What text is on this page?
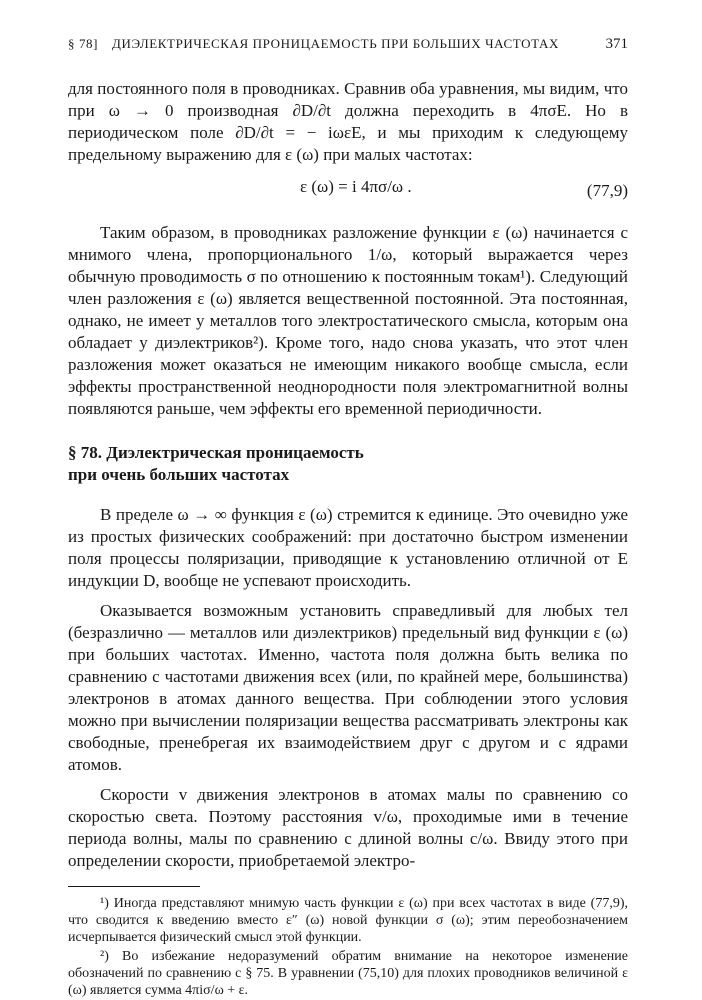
§ 78] ДИЭЛЕКТРИЧЕСКАЯ ПРОНИЦАЕМОСТЬ ПРИ БОЛЬШИХ ЧАСТОТАХ	371

для постоянного поля в проводниках. Сравнив оба уравнения, мы видим, что при ω → 0 производная ∂D/∂t должна переходить в 4πσE. Но в периодическом поле ∂D/∂t = − iωεE, и мы приходим к следующему предельному выражению для ε (ω) при малых частотах:

ε (ω) = i 4πσ/ω .	(77,9)

Таким образом, в проводниках разложение функции ε (ω) начинается с мнимого члена, пропорционального 1/ω, который выражается через обычную проводимость σ по отношению к постоянным токам¹). Следующий член разложения ε (ω) является вещественной постоянной. Эта постоянная, однако, не имеет у металлов того электростатического смысла, которым она обладает у диэлектриков²). Кроме того, надо снова указать, что этот член разложения может оказаться не имеющим никакого вообще смысла, если эффекты пространственной неоднородности поля электромагнитной волны появляются раньше, чем эффекты его временной периодичности.

§ 78. Диэлектрическая проницаемость
при очень больших частотах

В пределе ω → ∞ функция ε (ω) стремится к единице. Это очевидно уже из простых физических соображений: при достаточно быстром изменении поля процессы поляризации, приводящие к установлению отличной от E индукции D, вообще не успевают происходить.

Оказывается возможным установить справедливый для любых тел (безразлично — металлов или диэлектриков) предельный вид функции ε (ω) при больших частотах. Именно, частота поля должна быть велика по сравнению с частотами движения всех (или, по крайней мере, большинства) электронов в атомах данного вещества. При соблюдении этого условия можно при вычислении поляризации вещества рассматривать электроны как свободные, пренебрегая их взаимодействием друг с другом и с ядрами атомов.

Скорости v движения электронов в атомах малы по сравнению со скоростью света. Поэтому расстояния v/ω, проходимые ими в течение периода волны, малы по сравнению с длиной волны c/ω. Ввиду этого при определении скорости, приобретаемой электро-

¹) Иногда представляют мнимую часть функции ε (ω) при всех частотах в виде (77,9), что сводится к введению вместо ε″ (ω) новой функции σ (ω); этим переобозначением исчерпывается физический смысл этой функции.

²) Во избежание недоразумений обратим внимание на некоторое изменение обозначений по сравнению с § 75. В уравнении (75,10) для плохих проводников величиной ε (ω) является сумма 4πiσ/ω + ε.
